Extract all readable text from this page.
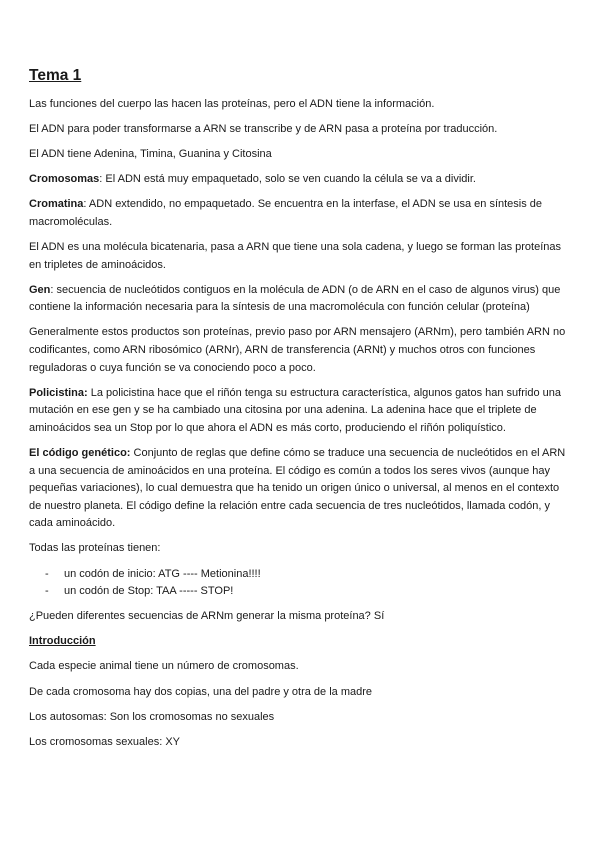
Tema 1

Las funciones del cuerpo las hacen las proteínas, pero el ADN tiene la información.

El ADN para poder transformarse a ARN se transcribe y de ARN pasa a proteína por traducción.

El ADN tiene Adenina, Timina, Guanina y Citosina

Cromosomas: El ADN está muy empaquetado, solo se ven cuando la célula se va a dividir.

Cromatina: ADN extendido, no empaquetado. Se encuentra en la interfase, el ADN se usa en síntesis de macromoléculas.

El ADN es una molécula bicatenaria, pasa a ARN que tiene una sola cadena, y luego se forman las proteínas en tripletes de aminoácidos.

Gen: secuencia de nucleótidos contiguos en la molécula de ADN (o de ARN en el caso de algunos virus) que contiene la información necesaria para la síntesis de una macromolécula con función celular (proteína)

Generalmente estos productos son proteínas, previo paso por ARN mensajero (ARNm), pero también ARN no codificantes, como ARN ribosómico (ARNr), ARN de transferencia (ARNt) y muchos otros con funciones reguladoras o cuya función se va conociendo poco a poco.

Policistina: La policistina hace que el riñón tenga su estructura característica, algunos gatos han sufrido una mutación en ese gen y se ha cambiado una citosina por una adenina. La adenina hace que el triplete de aminoácidos sea un Stop por lo que ahora el ADN es más corto, produciendo el riñón poliquístico.

El código genético: Conjunto de reglas que define cómo se traduce una secuencia de nucleótidos en el ARN a una secuencia de aminoácidos en una proteína. El código es común a todos los seres vivos (aunque hay pequeñas variaciones), lo cual demuestra que ha tenido un origen único o universal, al menos en el contexto de nuestro planeta. El código define la relación entre cada secuencia de tres nucleótidos, llamada codón, y cada aminoácido.

Todas las proteínas tienen:

- un codón de inicio: ATG ---- Metionina!!!!
- un codón de Stop: TAA ----- STOP!

¿Pueden diferentes secuencias de ARNm generar la misma proteína? Sí

Introducción

Cada especie animal tiene un número de cromosomas.

De cada cromosoma hay dos copias, una del padre y otra de la madre

Los autosomas: Son los cromosomas no sexuales

Los cromosomas sexuales: XY
